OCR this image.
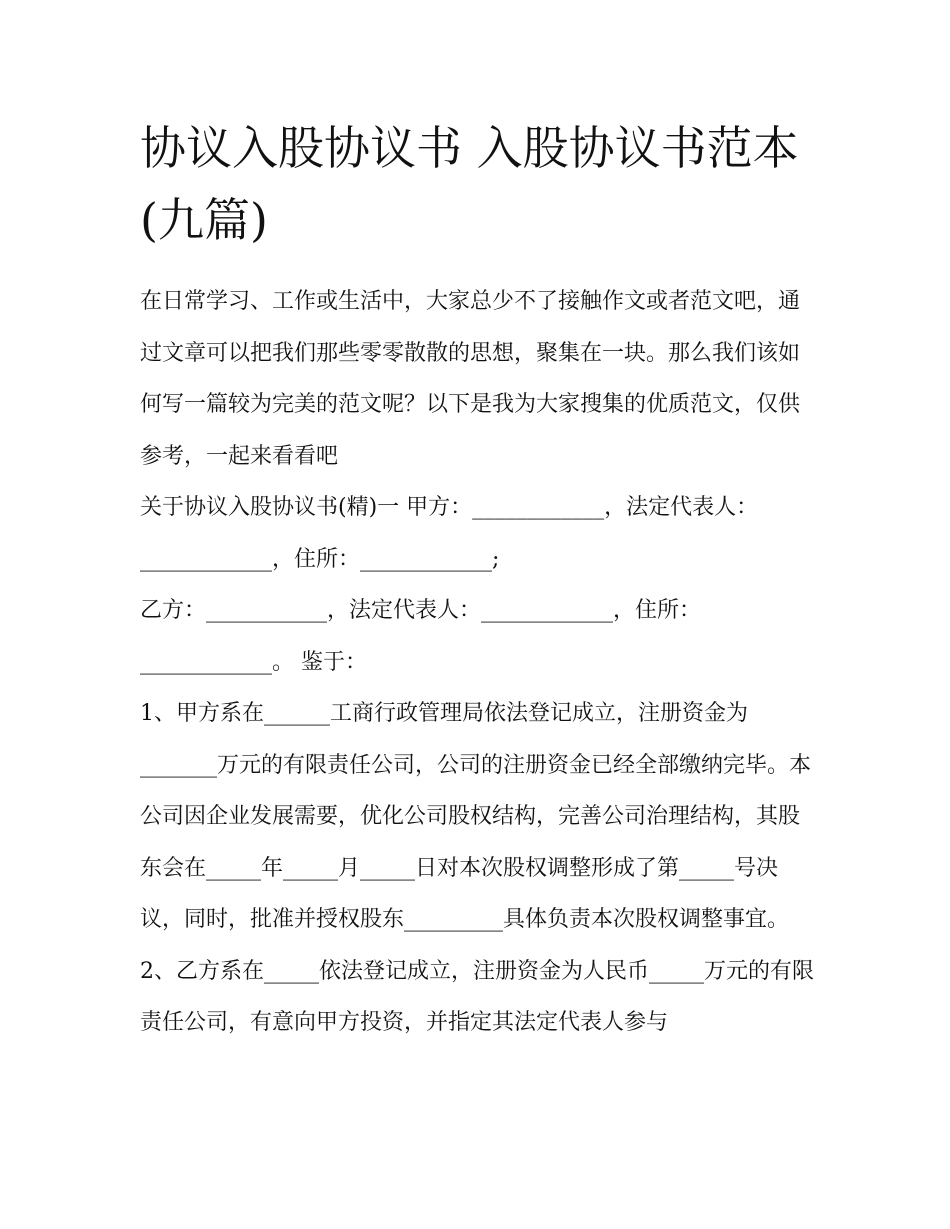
协议入股协议书 入股协议书范本(九篇)

在日常学习、工作或生活中，大家总少不了接触作文或者范文吧，通过文章可以把我们那些零零散散的思想，聚集在一块。那么我们该如何写一篇较为完美的范文呢？以下是我为大家搜集的优质范文，仅供参考，一起来看看吧

关于协议入股协议书(精)一 甲方：____________，法定代表人：____________，住所：____________;

乙方：___________，法定代表人：____________，住所：____________。 鉴于：

1、甲方系在______工商行政管理局依法登记成立，注册资金为_______万元的有限责任公司，公司的注册资金已经全部缴纳完毕。本公司因企业发展需要，优化公司股权结构，完善公司治理结构，其股东会在_____年_____月_____日对本次股权调整形成了第_____号决议，同时，批准并授权股东_________具体负责本次股权调整事宜。

2、乙方系在_____依法登记成立，注册资金为人民币_____万元的有限责任公司，有意向甲方投资，并指定其法定代表人参与
